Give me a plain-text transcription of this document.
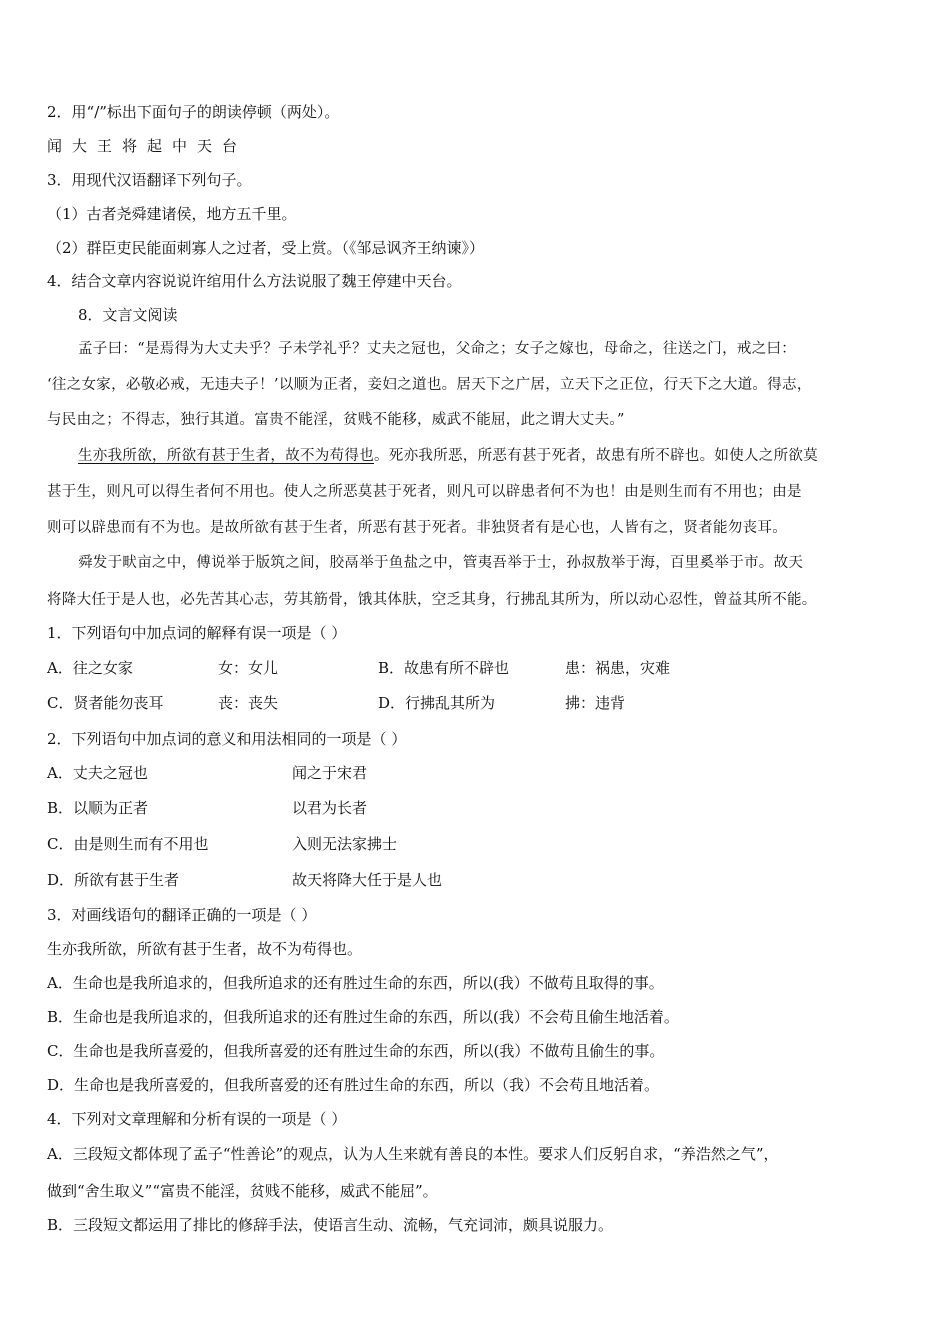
2．用“/”标出下面句子的朗读停顿（两处）。
闻大王将起中天台
3．用现代汉语翻译下列句子。
（1）古者尧舜建诸侯，地方五千里。
（2）群臣吏民能面刺寡人之过者，受上赏。（《邹忌讽齐王纳谏》）
4．结合文章内容说说许绾用什么方法说服了魏王停建中天台。
8．文言文阅读
孟子曰：“是焉得为大丈夫乎？子未学礼乎？丈夫之冠也，父命之；女子之嫁也，母命之，往送之门，戒之曰：
‘往之女家，必敬必戒，无违夫子！’以顺为正者，妾妇之道也。居天下之广居，立天下之正位，行天下之大道。得志，
与民由之；不得志，独行其道。富贵不能淫，贫贱不能移，威武不能屈，此之谓大丈夫。”
生亦我所欲，所欲有甚于生者，故不为苟得也。死亦我所恶，所恶有甚于死者，故患有所不辟也。如使人之所欲莫
甚于生，则凡可以得生者何不用也。使人之所恶莫甚于死者，则凡可以辟患者何不为也！由是则生而有不用也；由是
则可以辟患而有不为也。是故所欲有甚于生者，所恶有甚于死者。非独贤者有是心也，人皆有之，贤者能勿丧耳。
舜发于畎亩之中，傅说举于版筑之间，胶鬲举于鱼盐之中，管夷吾举于士，孙叔敖举于海，百里奚举于市。故天
将降大任于是人也，必先苦其心志，劳其筋骨，饿其体肤，空乏其身，行拂乱其所为，所以动心忍性，曾益其所不能。
1．下列语句中加点词的解释有误一项是（ ）
A．往之女家	女：女儿	B．故患有所不辟也	患：祸患，灾难
C．贤者能勿丧耳	丧：丧失	D．行拂乱其所为	拂：违背
2．下列语句中加点词的意义和用法相同的一项是（ ）
A．丈夫之冠也	闻之于宋君
B．以顺为正者	以君为长者
C．由是则生而有不用也	入则无法家拂士
D．所欲有甚于生者	故天将降大任于是人也
3．对画线语句的翻译正确的一项是（ ）
生亦我所欲，所欲有甚于生者，故不为苟得也。
A．生命也是我所追求的，但我所追求的还有胜过生命的东西，所以(我）不做苟且取得的事。
B．生命也是我所追求的，但我所追求的还有胜过生命的东西，所以(我）不会苟且偷生地活着。
C．生命也是我所喜爱的，但我所喜爱的还有胜过生命的东西，所以(我）不做苟且偷生的事。
D．生命也是我所喜爱的，但我所喜爱的还有胜过生命的东西，所以（我）不会苟且地活着。
4．下列对文章理解和分析有误的一项是（ ）
A．三段短文都体现了孟子“性善论”的观点，认为人生来就有善良的本性。要求人们反躬自求，“养浩然之气”，
做到“舍生取义”“富贵不能淫，贫贱不能移，威武不能屈”。
B．三段短文都运用了排比的修辞手法，使语言生动、流畅，气充词沛，颇具说服力。
